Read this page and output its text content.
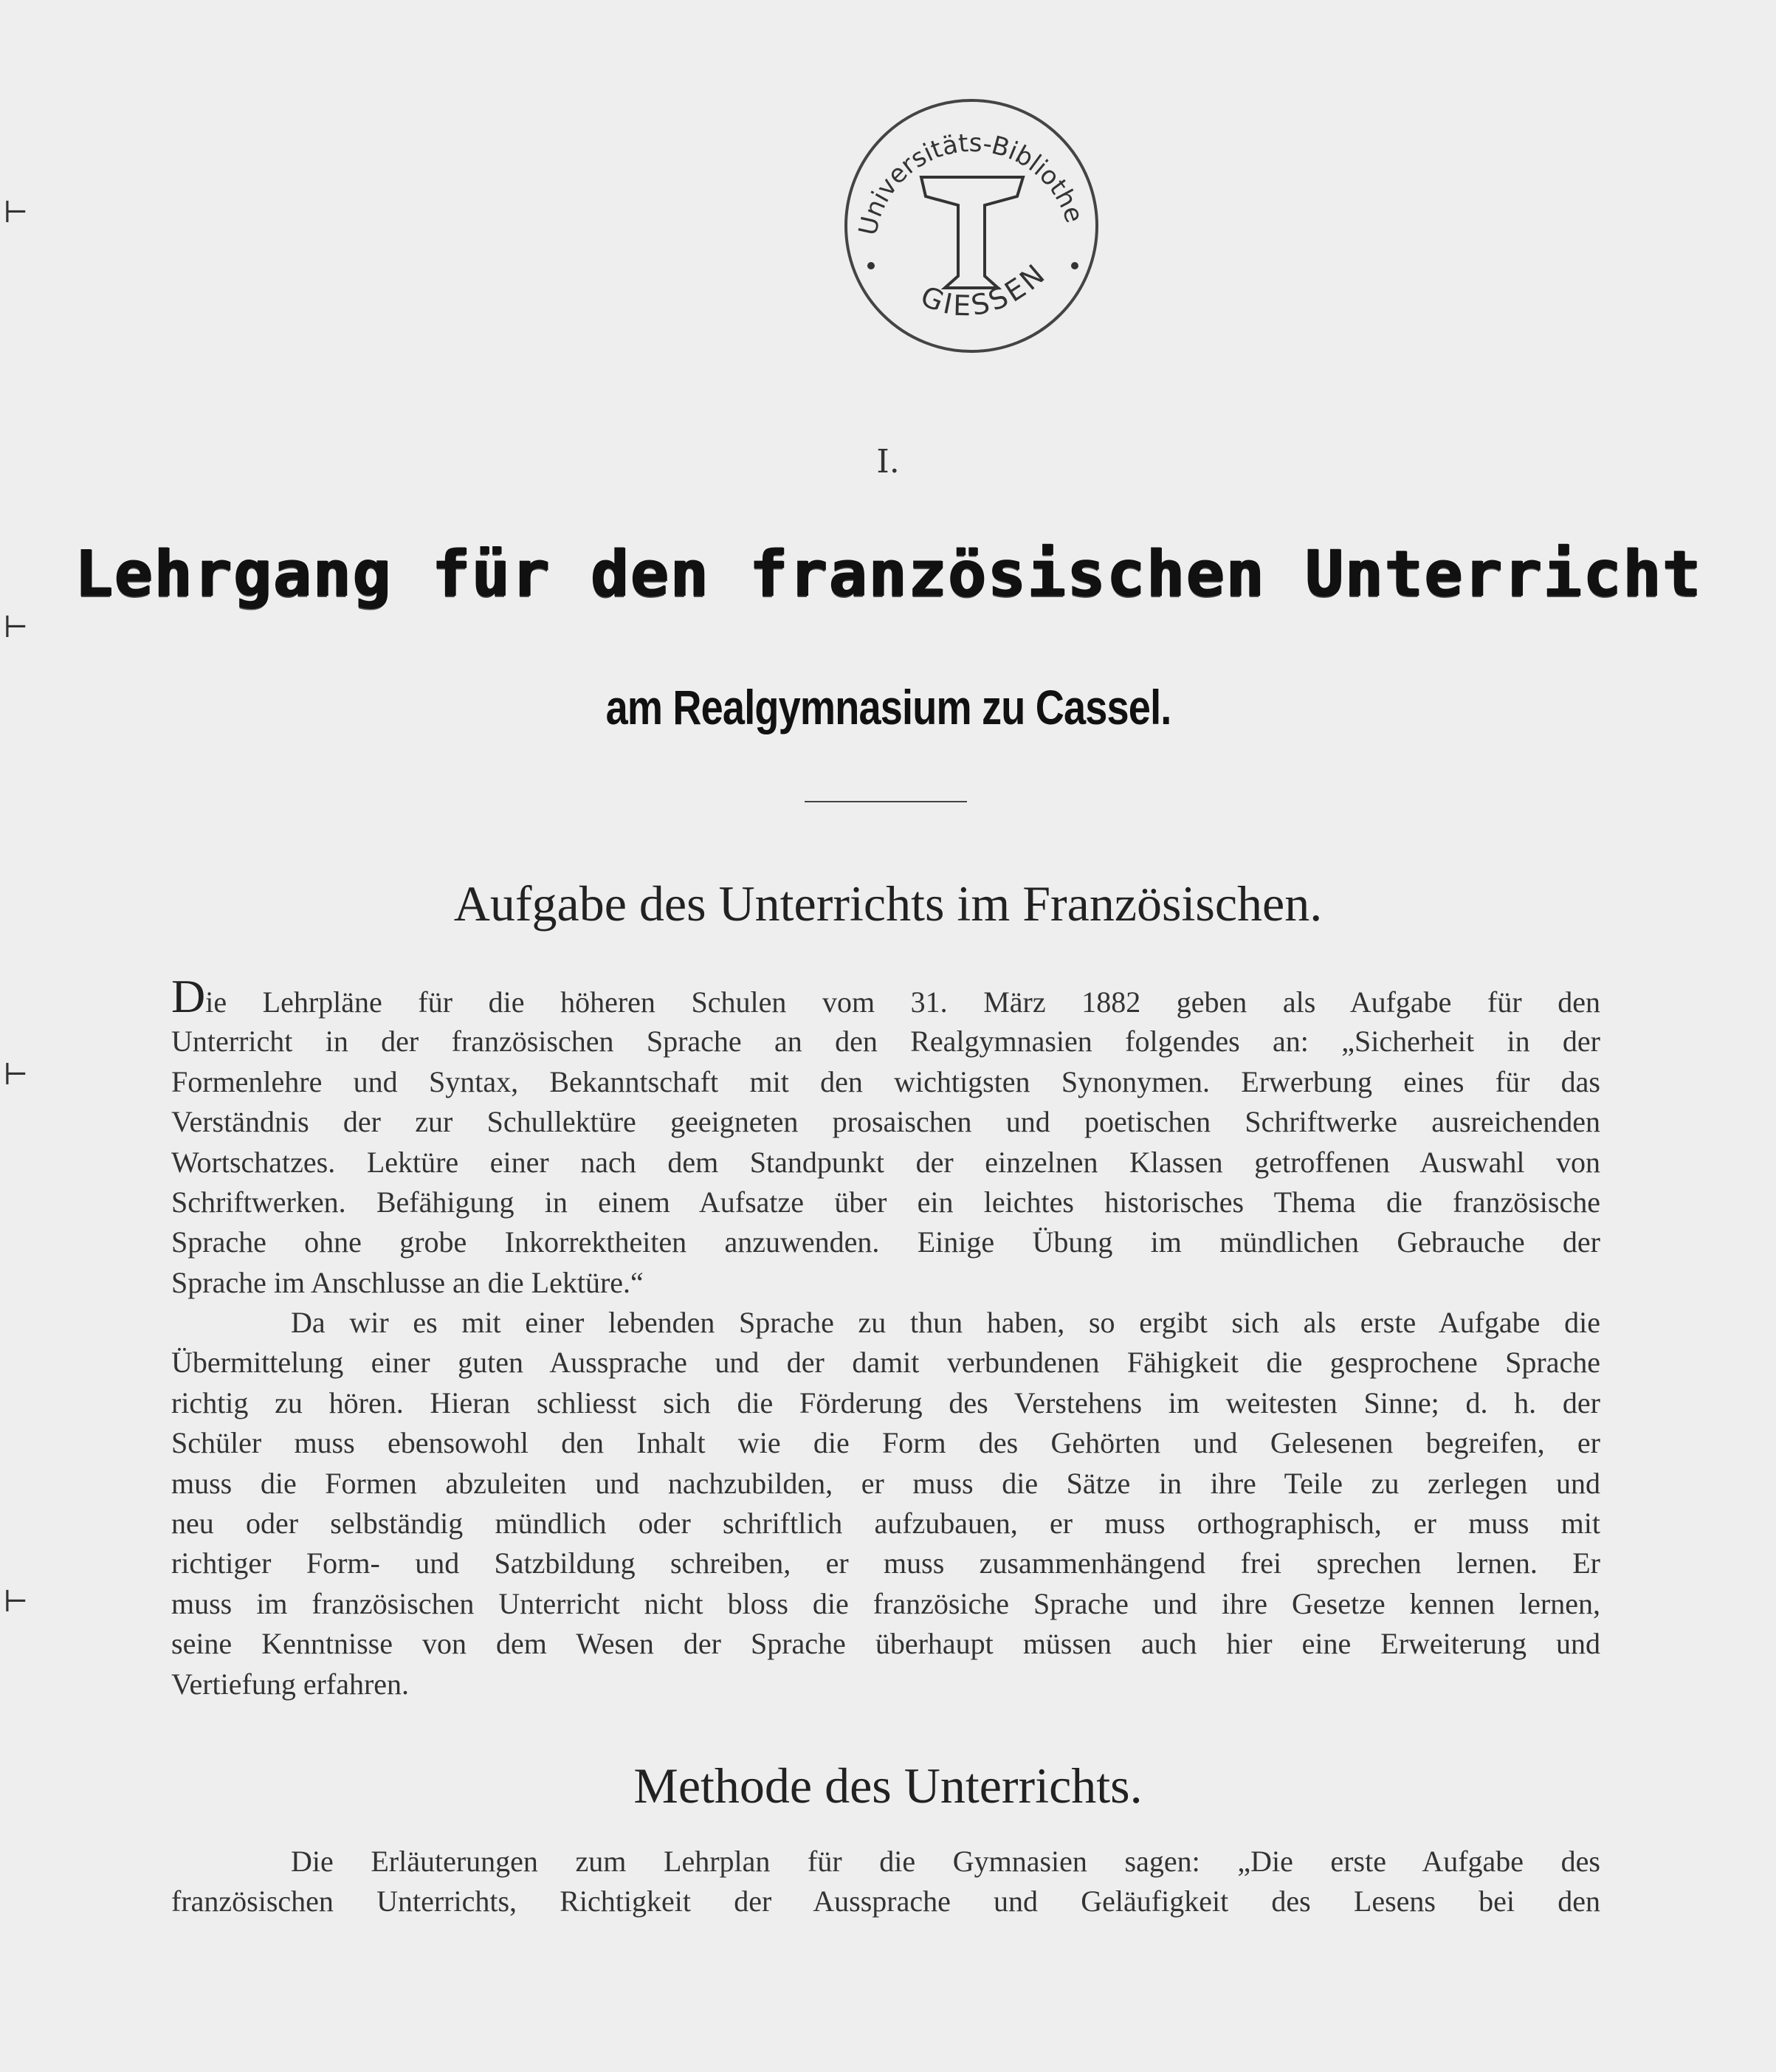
Universitäts-Bibliothe
GIESSEN
⊢
⊢
⊢
⊢
I.
Lehrgang für den französischen Unterricht
am Realgymnasium zu Cassel.
Aufgabe des Unterrichts im Französischen.
Die Lehrpläne für die höheren Schulen vom 31. März 1882 geben als Aufgabe für den
Unterricht in der französischen Sprache an den Realgymnasien folgendes an: „Sicherheit in der
Formenlehre und Syntax, Bekanntschaft mit den wichtigsten Synonymen. Erwerbung eines für das
Verständnis der zur Schullektüre geeigneten prosaischen und poetischen Schriftwerke ausreichenden
Wortschatzes. Lektüre einer nach dem Standpunkt der einzelnen Klassen getroffenen Auswahl von
Schriftwerken. Befähigung in einem Aufsatze über ein leichtes historisches Thema die französische
Sprache ohne grobe Inkorrektheiten anzuwenden. Einige Übung im mündlichen Gebrauche der
Sprache im Anschlusse an die Lektüre.“
Da wir es mit einer lebenden Sprache zu thun haben, so ergibt sich als erste Aufgabe die
Übermittelung einer guten Aussprache und der damit verbundenen Fähigkeit die gesprochene Sprache
richtig zu hören. Hieran schliesst sich die Förderung des Verstehens im weitesten Sinne; d. h. der
Schüler muss ebensowohl den Inhalt wie die Form des Gehörten und Gelesenen begreifen, er
muss die Formen abzuleiten und nachzubilden, er muss die Sätze in ihre Teile zu zerlegen und
neu oder selbständig mündlich oder schriftlich aufzubauen, er muss orthographisch, er muss mit
richtiger Form- und Satzbildung schreiben, er muss zusammenhängend frei sprechen lernen. Er
muss im französischen Unterricht nicht bloss die französiche Sprache und ihre Gesetze kennen lernen,
seine Kenntnisse von dem Wesen der Sprache überhaupt müssen auch hier eine Erweiterung und
Vertiefung erfahren.
Methode des Unterrichts.
Die Erläuterungen zum Lehrplan für die Gymnasien sagen: „Die erste Aufgabe des
französischen Unterrichts, Richtigkeit der Aussprache und Geläufigkeit des Lesens bei den
